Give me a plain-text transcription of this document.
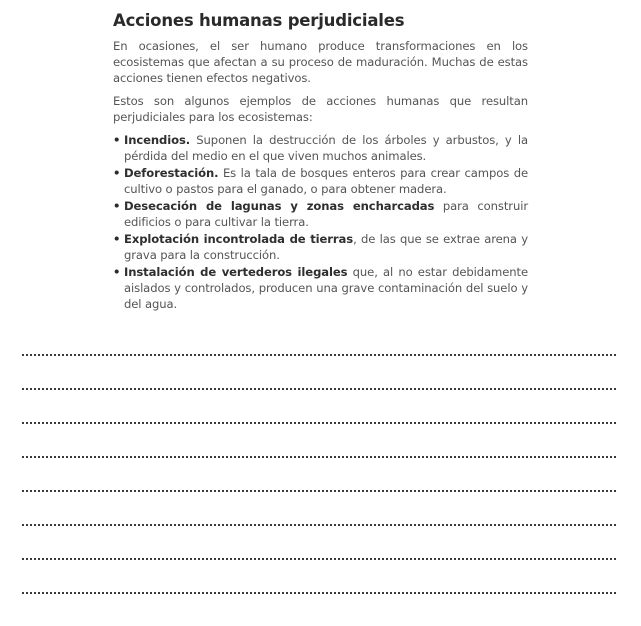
Acciones humanas perjudiciales

En ocasiones, el ser humano produce transformaciones en los ecosistemas que afectan a su proceso de maduración. Muchas de estas acciones tienen efectos negativos.

Estos son algunos ejemplos de acciones humanas que resultan perjudiciales para los ecosistemas:

• Incendios. Suponen la destrucción de los árboles y arbustos, y la pérdida del medio en el que viven muchos animales.
• Deforestación. Es la tala de bosques enteros para crear campos de cultivo o pastos para el ganado, o para obtener madera.
• Desecación de lagunas y zonas encharcadas para construir edificios o para cultivar la tierra.
• Explotación incontrolada de tierras, de las que se extrae arena y grava para la construcción.
• Instalación de vertederos ilegales que, al no estar debidamente aislados y controlados, producen una grave contaminación del suelo y del agua.
